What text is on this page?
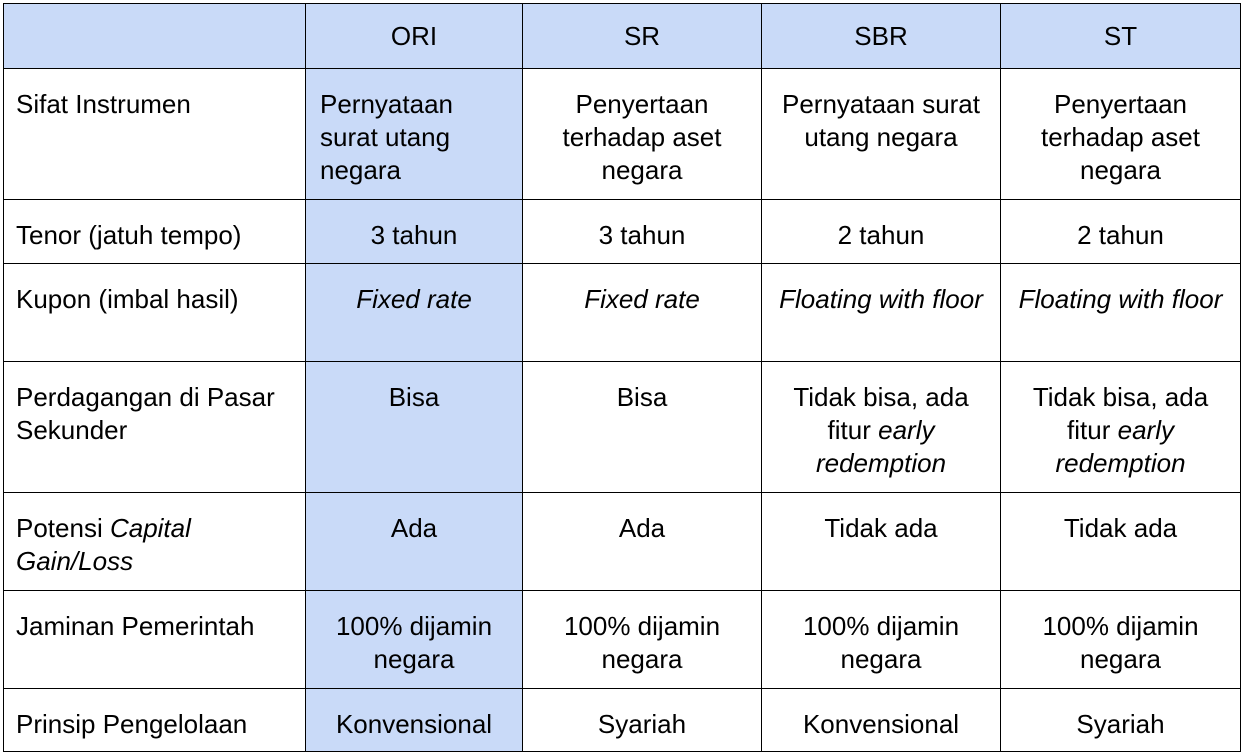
	ORI	SR	SBR	ST
Sifat Instrumen	Pernyataan surat utang negara	Penyertaan terhadap aset negara	Pernyataan surat utang negara	Penyertaan terhadap aset negara
Tenor (jatuh tempo)	3 tahun	3 tahun	2 tahun	2 tahun
Kupon (imbal hasil)	Fixed rate	Fixed rate	Floating with floor	Floating with floor
Perdagangan di Pasar Sekunder	Bisa	Bisa	Tidak bisa, ada fitur early redemption	Tidak bisa, ada fitur early redemption
Potensi Capital Gain/Loss	Ada	Ada	Tidak ada	Tidak ada
Jaminan Pemerintah	100% dijamin negara	100% dijamin negara	100% dijamin negara	100% dijamin negara
Prinsip Pengelolaan	Konvensional	Syariah	Konvensional	Syariah
